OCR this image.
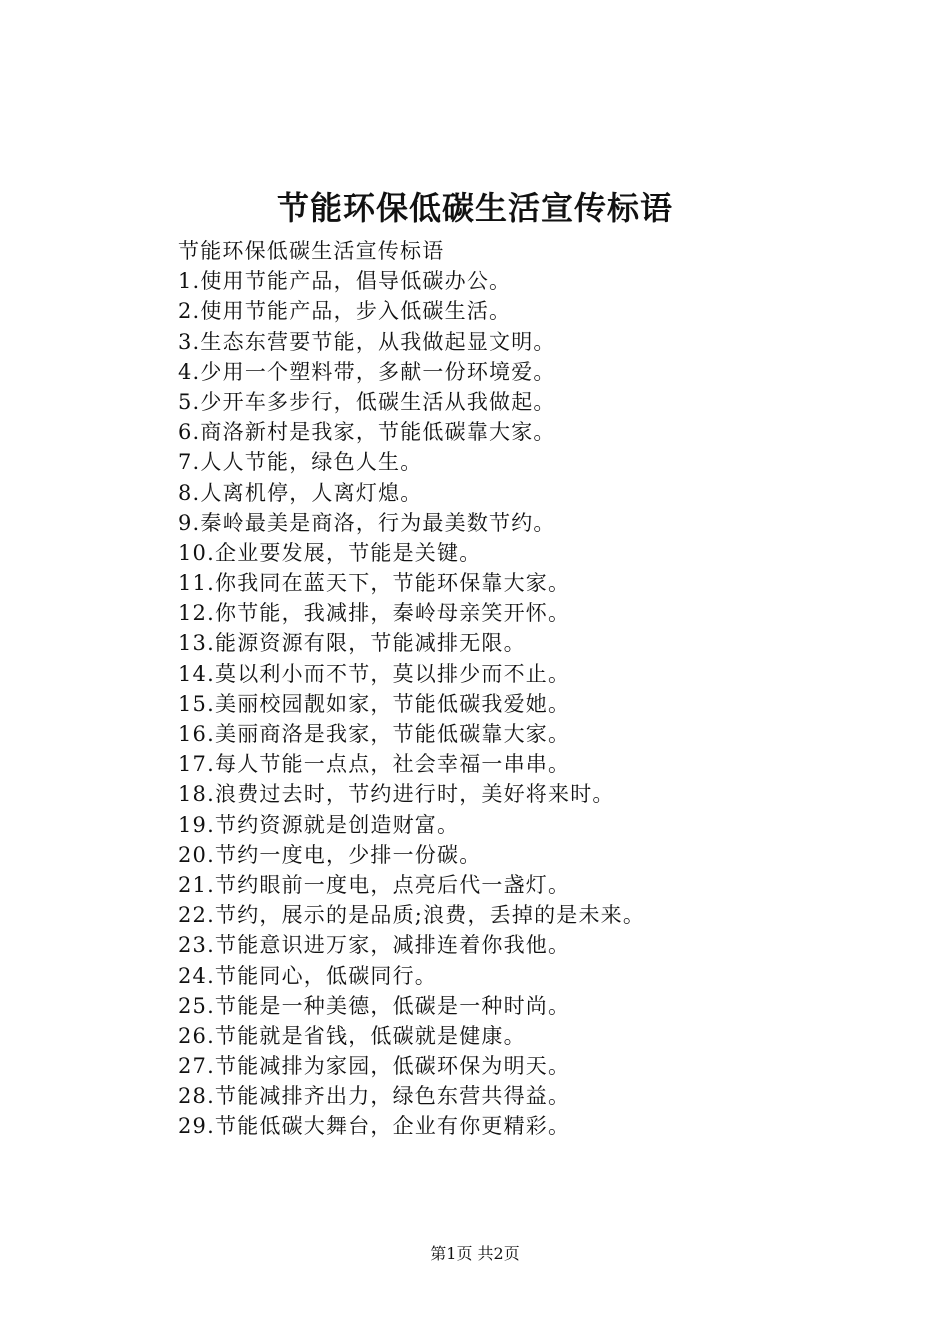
节能环保低碳生活宣传标语
节能环保低碳生活宣传标语
1.使用节能产品，倡导低碳办公。
2.使用节能产品，步入低碳生活。
3.生态东营要节能，从我做起显文明。
4.少用一个塑料带，多献一份环境爱。
5.少开车多步行，低碳生活从我做起。
6.商洛新村是我家，节能低碳靠大家。
7.人人节能，绿色人生。
8.人离机停，人离灯熄。
9.秦岭最美是商洛，行为最美数节约。
10.企业要发展，节能是关键。
11.你我同在蓝天下，节能环保靠大家。
12.你节能，我减排，秦岭母亲笑开怀。
13.能源资源有限，节能减排无限。
14.莫以利小而不节，莫以排少而不止。
15.美丽校园靓如家，节能低碳我爱她。
16.美丽商洛是我家，节能低碳靠大家。
17.每人节能一点点，社会幸福一串串。
18.浪费过去时，节约进行时，美好将来时。
19.节约资源就是创造财富。
20.节约一度电，少排一份碳。
21.节约眼前一度电，点亮后代一盏灯。
22.节约，展示的是品质;浪费，丢掉的是未来。
23.节能意识进万家，减排连着你我他。
24.节能同心，低碳同行。
25.节能是一种美德，低碳是一种时尚。
26.节能就是省钱，低碳就是健康。
27.节能减排为家园，低碳环保为明天。
28.节能减排齐出力，绿色东营共得益。
29.节能低碳大舞台，企业有你更精彩。
第1页 共2页
